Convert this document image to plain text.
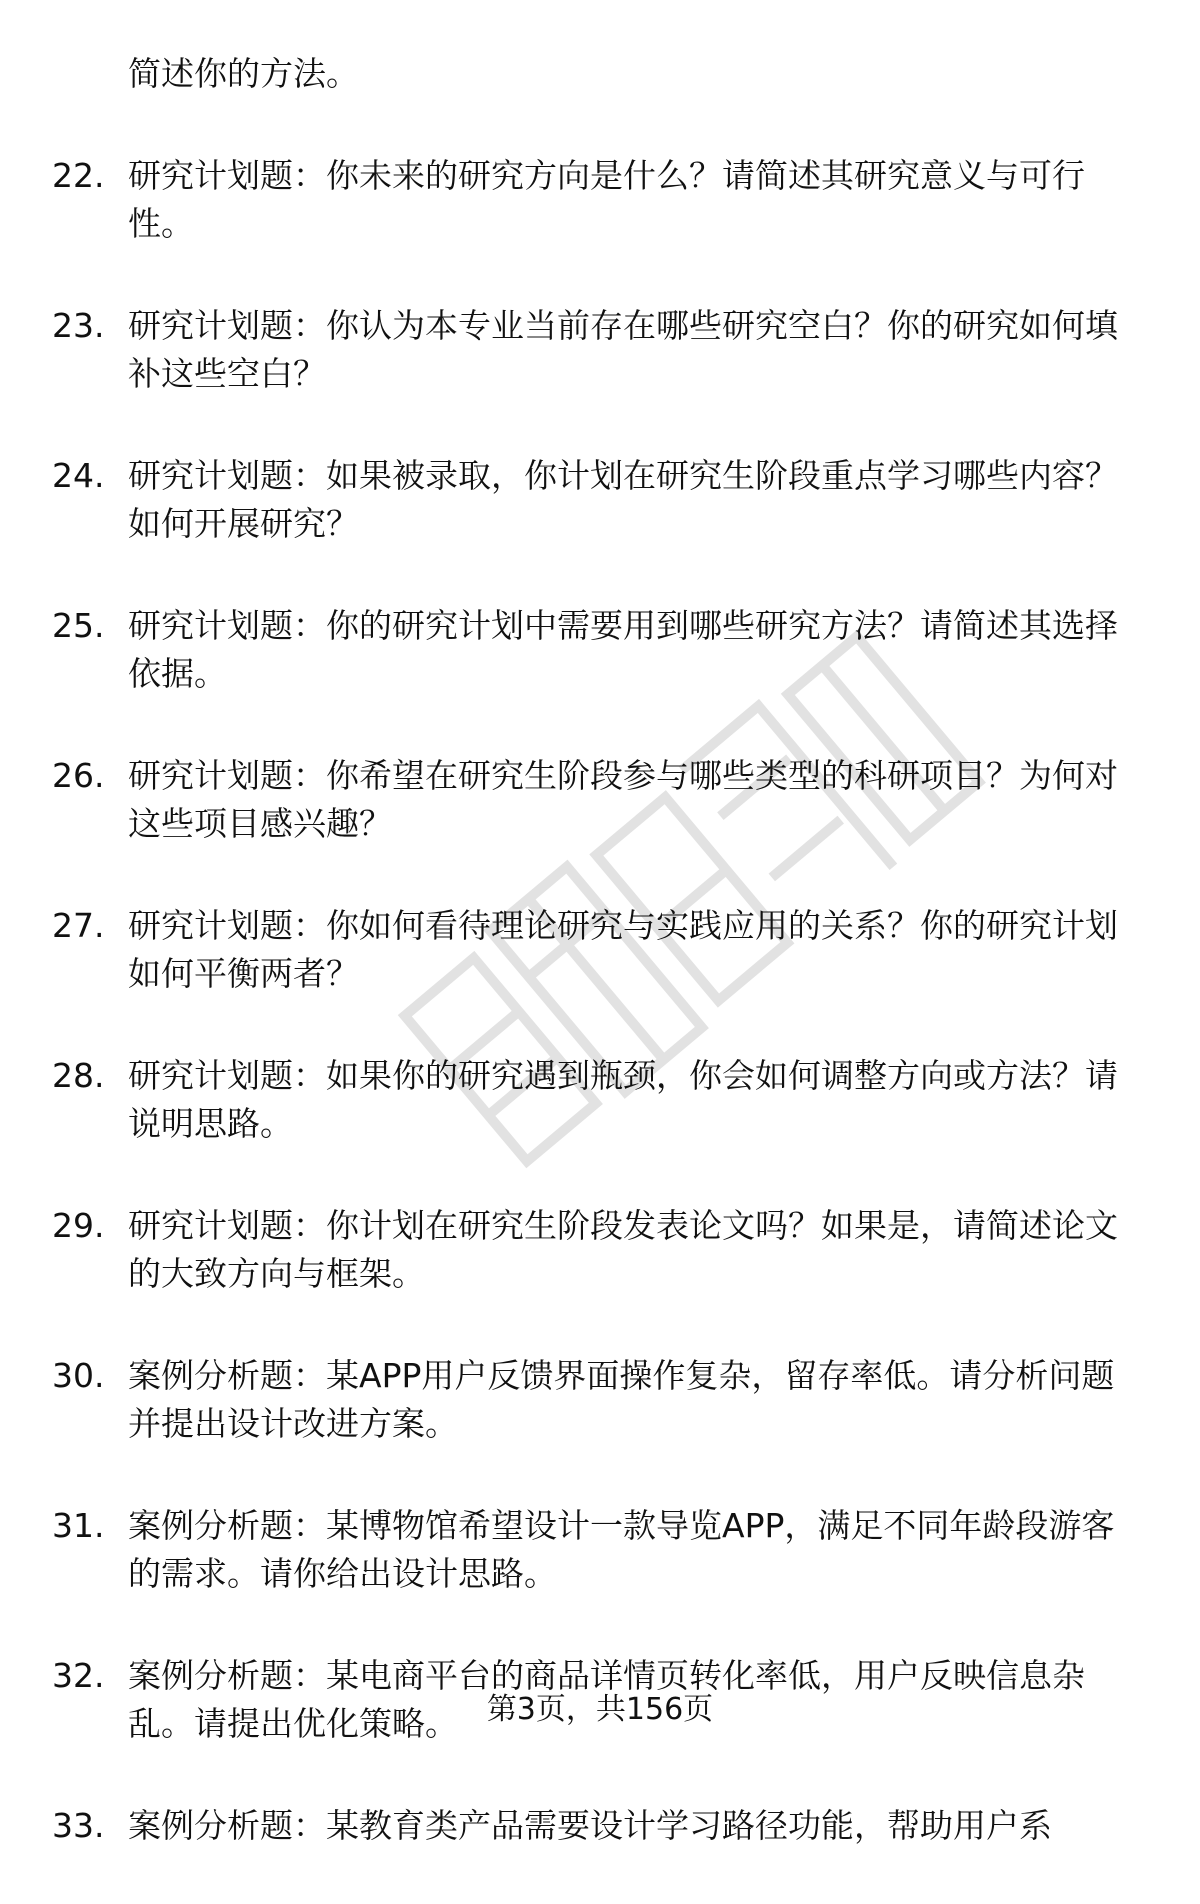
简述你的方法。
22. 研究计划题：你未来的研究方向是什么？请简述其研究意义与可行性。
23. 研究计划题：你认为本专业当前存在哪些研究空白？你的研究如何填补这些空白？
24. 研究计划题：如果被录取，你计划在研究生阶段重点学习哪些内容？如何开展研究？
25. 研究计划题：你的研究计划中需要用到哪些研究方法？请简述其选择依据。
26. 研究计划题：你希望在研究生阶段参与哪些类型的科研项目？为何对这些项目感兴趣？
27. 研究计划题：你如何看待理论研究与实践应用的关系？你的研究计划如何平衡两者？
28. 研究计划题：如果你的研究遇到瓶颈，你会如何调整方向或方法？请说明思路。
29. 研究计划题：你计划在研究生阶段发表论文吗？如果是，请简述论文的大致方向与框架。
30. 案例分析题：某APP用户反馈界面操作复杂，留存率低。请分析问题并提出设计改进方案。
31. 案例分析题：某博物馆希望设计一款导览APP，满足不同年龄段游客的需求。请你给出设计思路。
32. 案例分析题：某电商平台的商品详情页转化率低，用户反映信息杂乱。请提出优化策略。
33. 案例分析题：某教育类产品需要设计学习路径功能，帮助用户系
第3页，共156页
